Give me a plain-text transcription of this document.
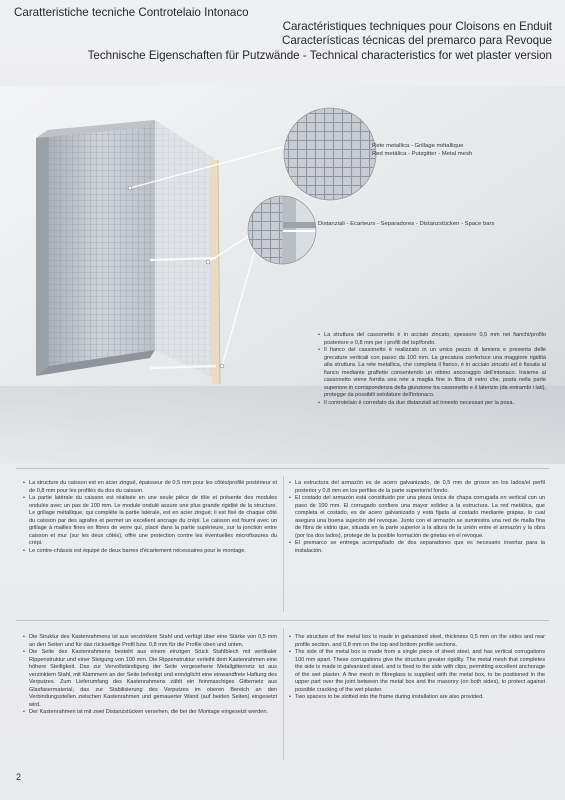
Caratteristiche tecniche Controtelaio Intonaco
Caractéristiques techniques pour Cloisons en Enduit
Características técnicas del premarco para Revoque
Technische Eigenschaften für Putzwände - Technical characteristics for wet plaster version
Rete metallica - Grillage métallique
Red metálica - Putzgitter - Metal mesh
Distanziali - Ecarteurs - Separadores - Distanzstücken - Space bars
• La struttura del cassonetto è in acciaio zincato, spessore 0,5 mm nei fianchi/profilo posteriore e 0,8 mm per i profili del top/fondo.
• Il fianco del cassonetto è realizzato in un unico pezzo di lamiera e presenta delle grecature verticali con passo da 100 mm. La grecatura conferisce una maggiore rigidità alla struttura. La rete metallica, che completa il fianco, è in acciaio zincato ed è fissata al fianco mediante graffette consentendo un ottimo ancoraggio dell'intonaco. Insieme al cassonetto viene fornita una rete a maglia fine in fibra di vetro che, posta nella parte superiore in corrispondenza della giunzione tra cassonetto e il laterizio (da entrambi i lati), protegge da possibili setolature dell'intonaco.
• Il controtelaio è corredato da due distanziali ad innesto necessari per la posa.
• La structure du caisson est en acier zingué, épaisseur de 0,5 mm pour les côtés/profilé postérieur et de 0,8 mm pour les profilés du dos du caisson.
• La partie latérale du caisson est réalisée en une seule pièce de tôle et présente des modules ondulés avec un pas de 100 mm. Le module ondulé assure une plus grande rigidité de la structure. Le grillage métallique, qui complète la partie latérale, est en acier zingué; il est fixé de chaque côté du caisson par des agrafes et permet un excellent ancrage du crépi. Le caisson est fourni avec un grillage à mailles fines en fibres de verre qui, placé dans la partie supérieure, sur la jonction entre caisson et mur (sur les deux côtés), offre une protection contre les éventuelles microfissures du crépi.
• Le contre-châssis est équipé de deux barres d'écartement nécessaires pour le montage.
• La estructura del armazón es de acero galvanizado, de 0,5 mm de grosor en los lados/el perfil posterior y 0,8 mm en los perfiles de la parte superior/el fondo.
• El costado del armazón está constituido por una pieza única de chapa corrugada en vertical con un paso de 100 mm. El corrugado confiere una mayor solidez a la estructura. La red metálica, que completa el costado, es de acero galvanizado y está fijada al costado mediante grapas, lo cual asegura una buena sujeción del revoque. Junto con el armazón se suministra una red de malla fina de fibra de vidrio que, situada en la parte superior a la altura de la unión entre el armazón y la obra (por los dos lados), protege de la posible formación de grietas en el revoque.
• El premarco se entrega acompañado de dos separadores que es necesario insertar para la instalación.
• Die Struktur des Kastenrahmens ist aus verzinktem Stahl und verfügt über eine Stärke von 0,5 mm an den Seiten und für das rückseitige Profil bzw. 0,8 mm für die Profile oben und unten.
• Die Seite des Kastenrahmens besteht aus einem einzigen Stück Stahlblech mit vertikaler Rippenstruktur und einer Steigung von 100 mm. Die Rippenstruktur verleiht dem Kastenrahmen eine höhere Steifigkeit. Das zur Vervollständigung der Seite vorgesehene Metallgitternetz ist aus verzinktem Stahl, mit Klammern an der Seite befestigt und ermöglicht eine einwandfreie Haftung des Verputzes. Zum Lieferumfang des Kastenrahmens zählt ein feinmaschiges Gitternetz aus Glasfasermaterial, das zur Stabilisierung des Verputzes im oberen Bereich an den Verbindungsstellen zwischen Kastenrahmen und gemauerter Wand (auf beiden Seiten) eingesetzt wird.
• Der Kastenrahmen ist mit zwei Distanzstücken versehen, die bei der Montage eingesetzt werden.
• The structure of the metal box is made in galvanized steel, thickness 0,5 mm on the sides and rear profile section, and 0,8 mm on the top and bottom profile sections.
• The side of the metal box is made from a single piece of sheet steel, and has vertical corrugations 100 mm apart. These corrugations give the structure greater rigidity. The metal mesh that completes the side is made in galvanized steel, and is fixed to the side with clips, permitting excellent anchorage of the wet plaster. A fine mesh in fibreglass is supplied with the metal box, to be positioned in the upper part over the joint between the metal box and the masonry (on both sides), to protect against possible cracking of the wet plaster.
• Two spacers to be slotted into the frame during installation are also provided.
2
